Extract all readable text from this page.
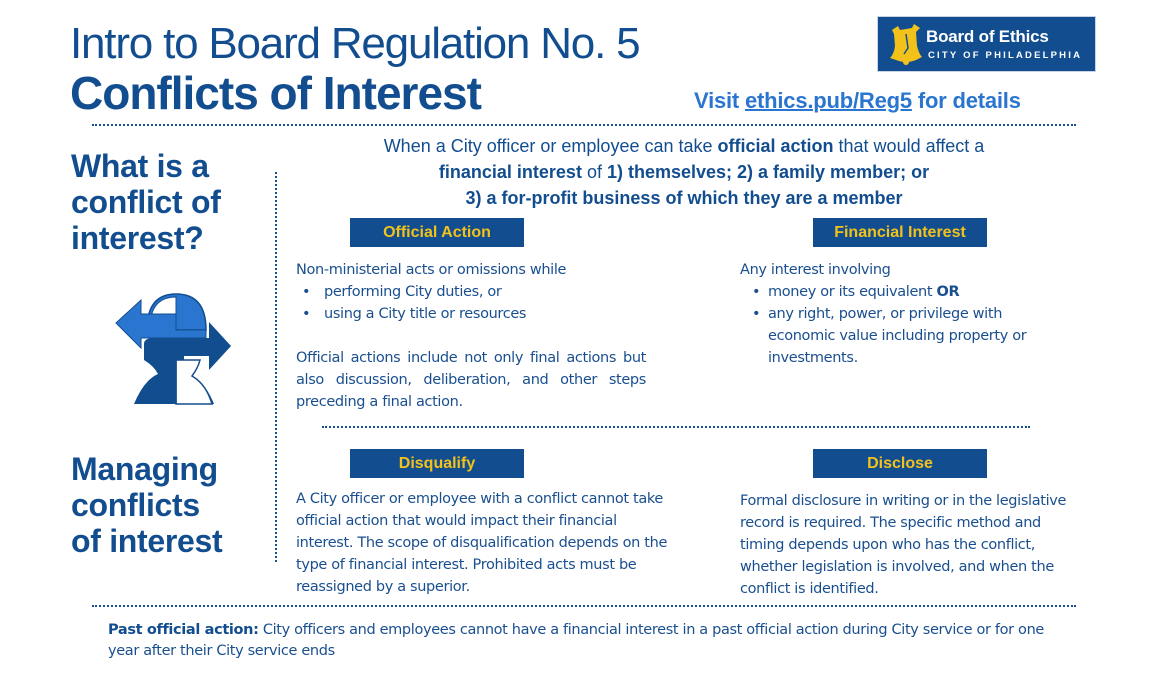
Intro to Board Regulation No. 5
Conflicts of Interest
Board of Ethics
CITY OF PHILADELPHIA
Visit ethics.pub/Reg5 for details
When a City officer or employee can take official action that would affect a
financial interest of 1) themselves; 2) a family member; or
3) a for-profit business of which they are a member
What is a
conflict of
interest?	Official Action
Non-ministerial acts or omissions while
• performing City duties, or
• using a City title or resources
Official actions include not only final actions but also discussion, deliberation, and other steps preceding a final action.
Financial Interest
Any interest involving
• money or its equivalent OR
• any right, power, or privilege with economic value including property or investments.
Managing
conflicts
of interest
Disqualify
A City officer or employee with a conflict cannot take official action that would impact their financial interest. The scope of disqualification depends on the type of financial interest. Prohibited acts must be reassigned by a superior.
Disclose
Formal disclosure in writing or in the legislative record is required. The specific method and timing depends upon who has the conflict, whether legislation is involved, and when the conflict is identified.
Past official action: City officers and employees cannot have a financial interest in a past official action during City service or for one year after their City service ends
